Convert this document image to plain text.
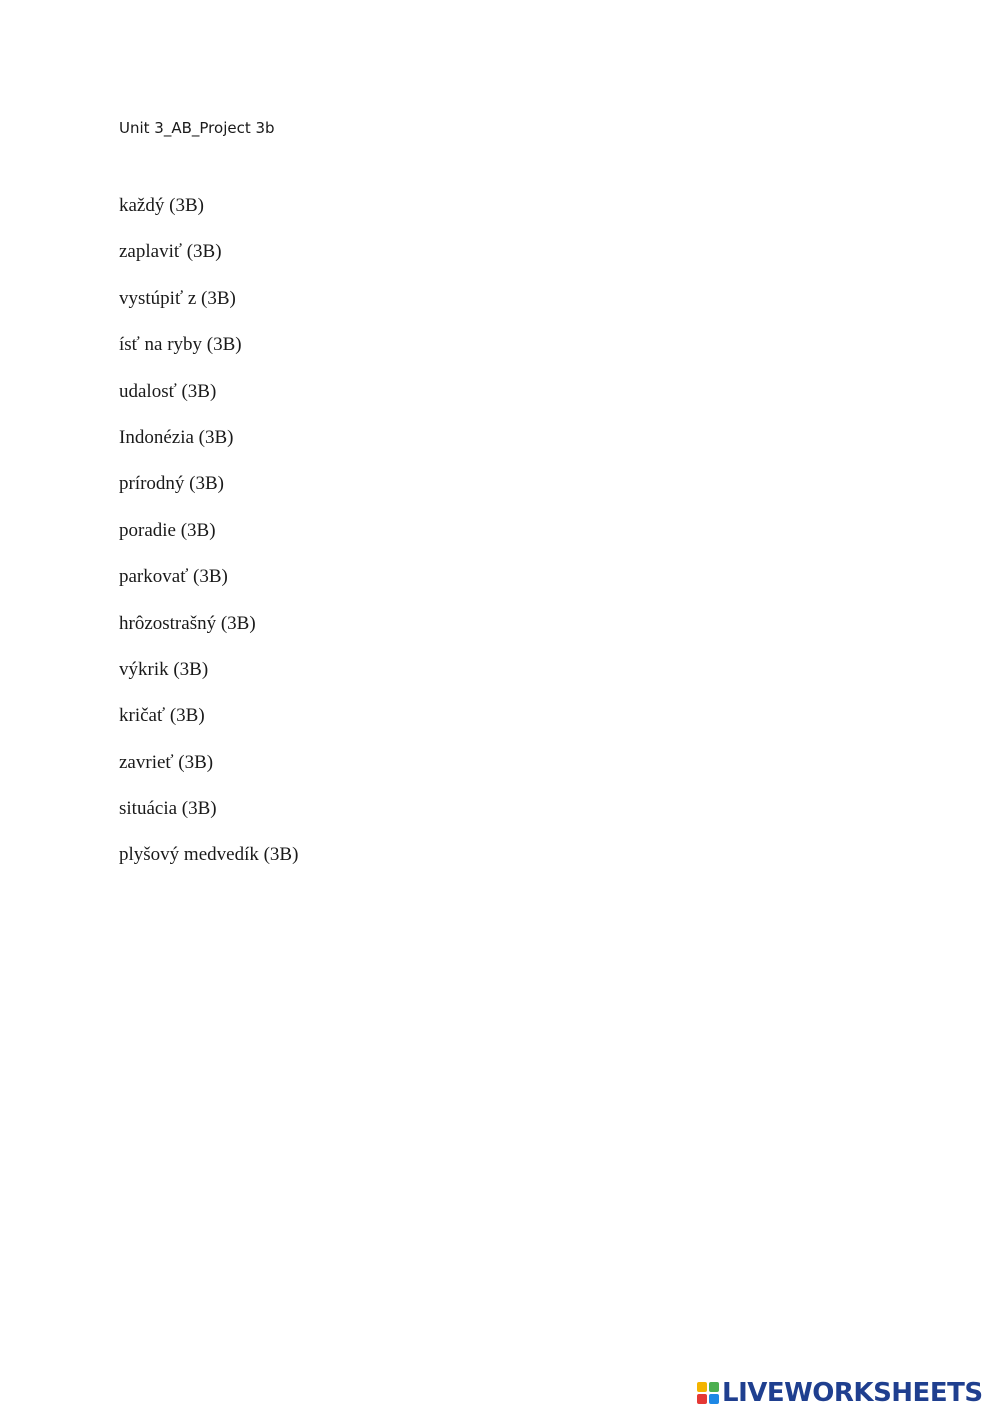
Unit 3_AB_Project 3b
každý (3B)
zaplaviť (3B)
vystúpiť z (3B)
ísť na ryby (3B)
udalosť (3B)
Indonézia (3B)
prírodný (3B)
poradie (3B)
parkovať (3B)
hrôzostrašný (3B)
výkrik (3B)
kričať (3B)
zavrieť (3B)
situácia (3B)
plyšový medvedík (3B)
LIVEWORKSHEETS
